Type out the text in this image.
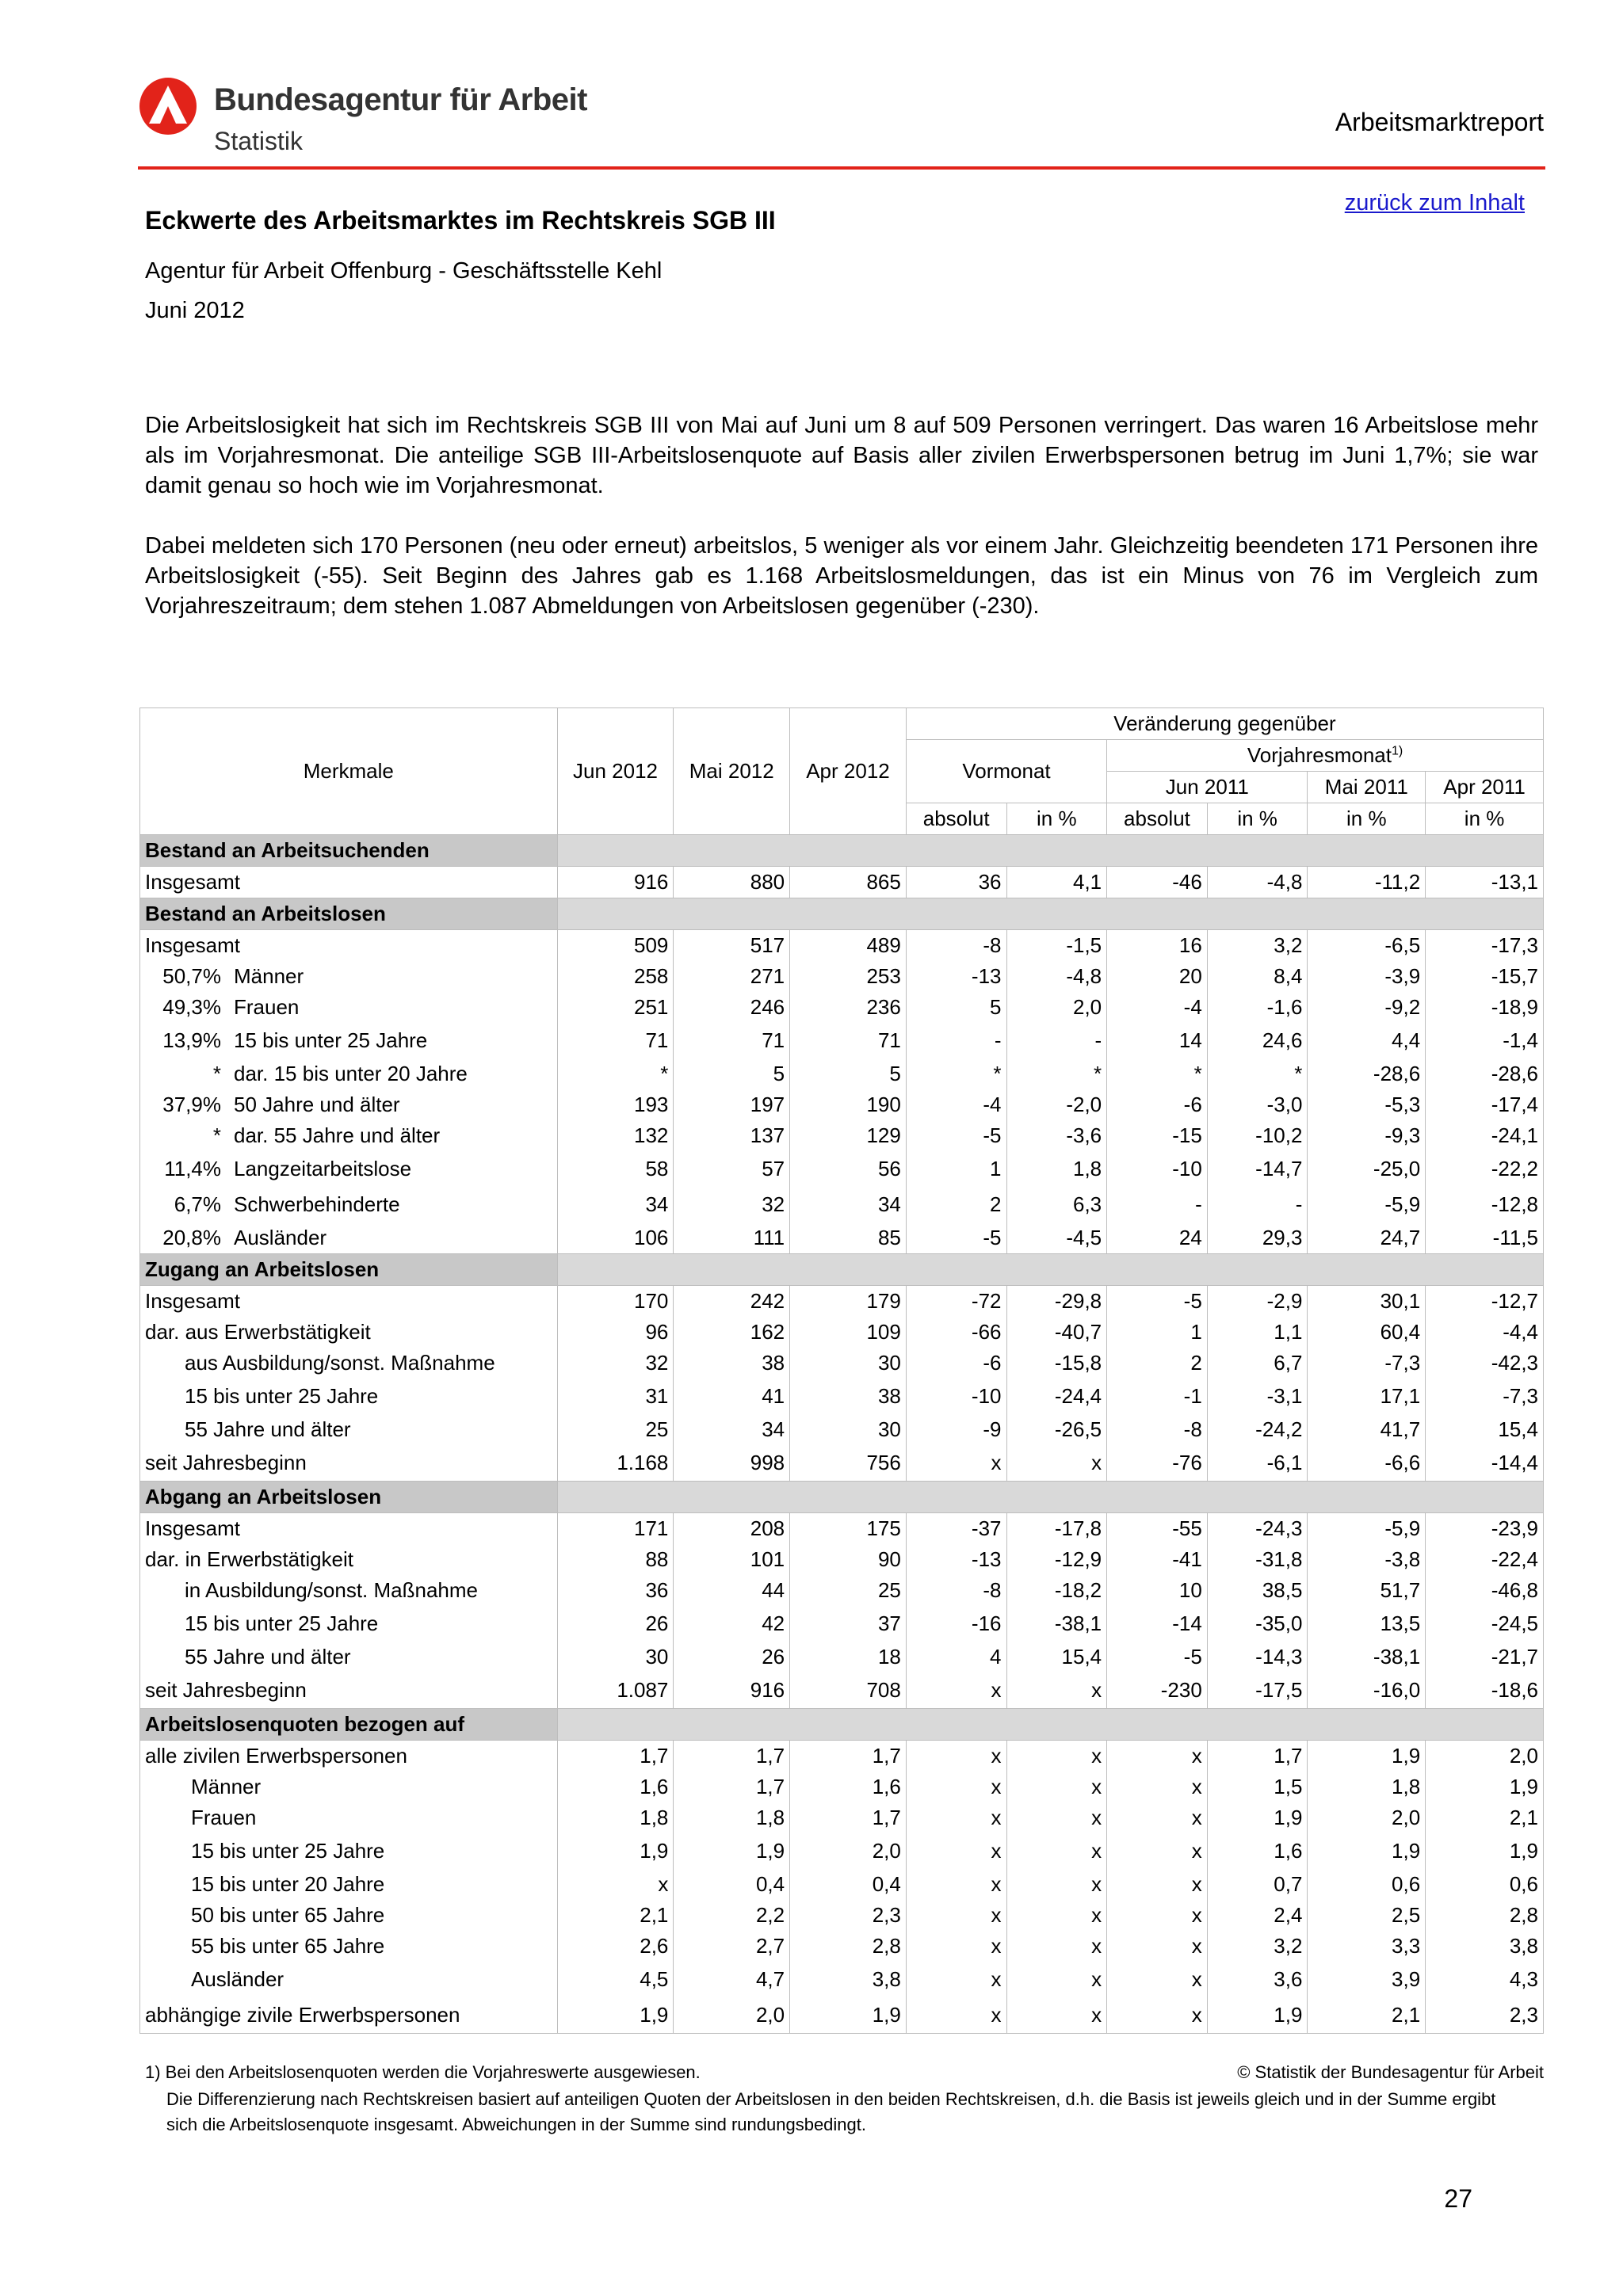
Bundesagentur für Arbeit
Statistik
Arbeitsmarktreport
zurück zum Inhalt
Eckwerte des Arbeitsmarktes im Rechtskreis SGB III
Agentur für Arbeit Offenburg - Geschäftsstelle Kehl
Juni 2012
Die Arbeitslosigkeit hat sich im Rechtskreis SGB III von Mai auf Juni um 8 auf 509 Personen verringert. Das waren 16 Arbeitslose mehr als im Vorjahresmonat. Die anteilige SGB III-Arbeitslosenquote auf Basis aller zivilen Erwerbspersonen betrug im Juni 1,7%; sie war damit genau so hoch wie im Vorjahresmonat.
Dabei meldeten sich 170 Personen (neu oder erneut) arbeitslos, 5 weniger als vor einem Jahr. Gleichzeitig beendeten 171 Personen ihre Arbeitslosigkeit (-55). Seit Beginn des Jahres gab es 1.168 Arbeitslosmeldungen, das ist ein Minus von 76 im Vergleich zum Vorjahreszeitraum; dem stehen 1.087 Abmeldungen von Arbeitslosen gegenüber (-230).
Merkmale	Jun 2012	Mai 2012	Apr 2012	Veränderung gegenüber					
				Vormonat		Vorjahresmonat$^{1)}$
						Jun 2011		Mai 2011	Apr 2011
				absolut	in %	absolut	in %	in %	in %
Bestand an Arbeitsuchenden									
Insgesamt	916	880	865	36	4,1	-46	-4,8	-11,2	-13,1
Bestand an Arbeitslosen									
Insgesamt	509	517	489	-8	-1,5	16	3,2	-6,5	-17,3
50,7% Männer	258	271	253	-13	-4,8	20	8,4	-3,9	-15,7
49,3% Frauen	251	246	236	5	2,0	-4	-1,6	-9,2	-18,9
13,9% 15 bis unter 25 Jahre	71	71	71	-	-	14	24,6	4,4	-1,4
* dar. 15 bis unter 20 Jahre	*	5	5	*	*	*	*	-28,6	-28,6
37,9% 50 Jahre und älter	193	197	190	-4	-2,0	-6	-3,0	-5,3	-17,4
* dar. 55 Jahre und älter	132	137	129	-5	-3,6	-15	-10,2	-9,3	-24,1
11,4% Langzeitarbeitslose	58	57	56	1	1,8	-10	-14,7	-25,0	-22,2
6,7% Schwerbehinderte	34	32	34	2	6,3	-	-	-5,9	-12,8
20,8% Ausländer	106	111	85	-5	-4,5	24	29,3	24,7	-11,5
Zugang an Arbeitslosen									
Insgesamt	170	242	179	-72	-29,8	-5	-2,9	30,1	-12,7
dar. aus Erwerbstätigkeit	96	162	109	-66	-40,7	1	1,1	60,4	-4,4
aus Ausbildung/sonst. Maßnahme	32	38	30	-6	-15,8	2	6,7	-7,3	-42,3
15 bis unter 25 Jahre	31	41	38	-10	-24,4	-1	-3,1	17,1	-7,3
55 Jahre und älter	25	34	30	-9	-26,5	-8	-24,2	41,7	15,4
seit Jahresbeginn	1.168	998	756	x	x	-76	-6,1	-6,6	-14,4
Abgang an Arbeitslosen									
Insgesamt	171	208	175	-37	-17,8	-55	-24,3	-5,9	-23,9
dar. in Erwerbstätigkeit	88	101	90	-13	-12,9	-41	-31,8	-3,8	-22,4
in Ausbildung/sonst. Maßnahme	36	44	25	-8	-18,2	10	38,5	51,7	-46,8
15 bis unter 25 Jahre	26	42	37	-16	-38,1	-14	-35,0	13,5	-24,5
55 Jahre und älter	30	26	18	4	15,4	-5	-14,3	-38,1	-21,7
seit Jahresbeginn	1.087	916	708	x	x	-230	-17,5	-16,0	-18,6
Arbeitslosenquoten bezogen auf									
alle zivilen Erwerbspersonen	1,7	1,7	1,7	x	x	x	1,7	1,9	2,0
Männer	1,6	1,7	1,6	x	x	x	1,5	1,8	1,9
Frauen	1,8	1,8	1,7	x	x	x	1,9	2,0	2,1
15 bis unter 25 Jahre	1,9	1,9	2,0	x	x	x	1,6	1,9	1,9
15 bis unter 20 Jahre	x	0,4	0,4	x	x	x	0,7	0,6	0,6
50 bis unter 65 Jahre	2,1	2,2	2,3	x	x	x	2,4	2,5	2,8
55 bis unter 65 Jahre	2,6	2,7	2,8	x	x	x	3,2	3,3	3,8
Ausländer	4,5	4,7	3,8	x	x	x	3,6	3,9	4,3
abhängige zivile Erwerbspersonen	1,9	2,0	1,9	x	x	x	1,9	2,1	2,3
1) Bei den Arbeitslosenquoten werden die Vorjahreswerte ausgewiesen.	© Statistik der Bundesagentur für Arbeit
Die Differenzierung nach Rechtskreisen basiert auf anteiligen Quoten der Arbeitslosen in den beiden Rechtskreisen, d.h. die Basis ist jeweils gleich und in der Summe ergibt sich die Arbeitslosenquote insgesamt. Abweichungen in der Summe sind rundungsbedingt.
27
